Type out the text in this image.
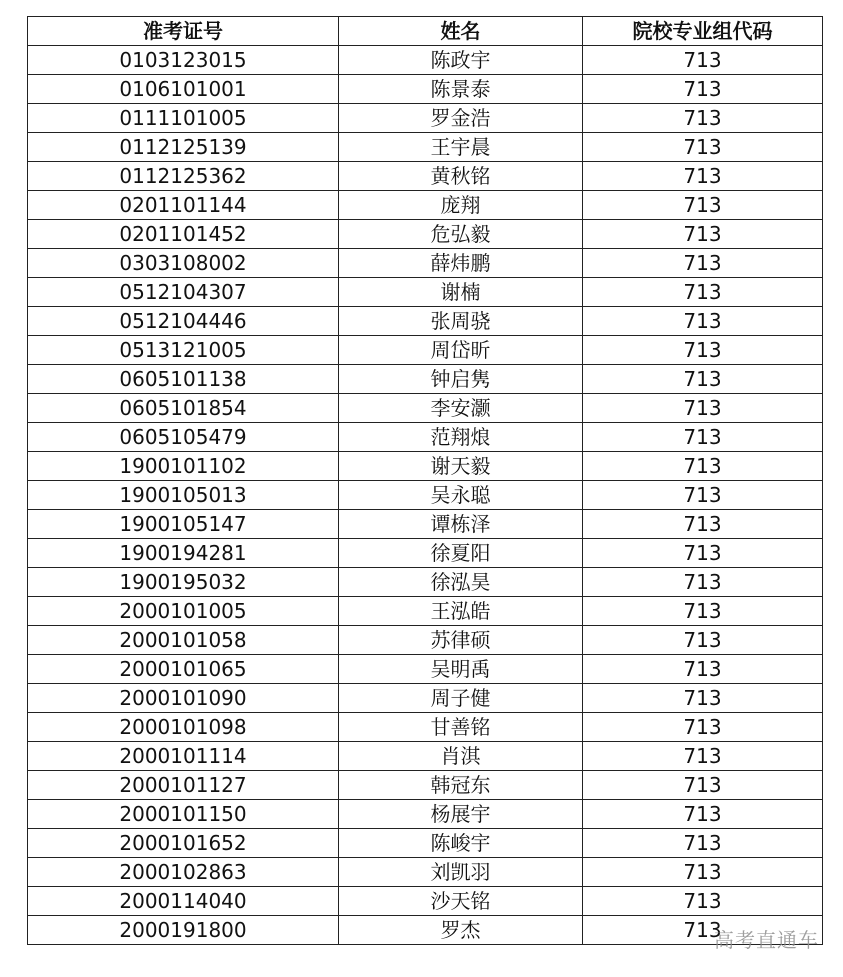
准考证号	姓名	院校专业组代码
0103123015	陈政宇	713
0106101001	陈景泰	713
0111101005	罗金浩	713
0112125139	王宇晨	713
0112125362	黄秋铭	713
0201101144	庞翔	713
0201101452	危弘毅	713
0303108002	薛炜鹏	713
0512104307	谢楠	713
0512104446	张周骁	713
0513121005	周岱昕	713
0605101138	钟启隽	713
0605101854	李安灏	713
0605105479	范翔烺	713
1900101102	谢天毅	713
1900105013	吴永聪	713
1900105147	谭栋泽	713
1900194281	徐夏阳	713
1900195032	徐泓昊	713
2000101005	王泓皓	713
2000101058	苏律硕	713
2000101065	吴明禹	713
2000101090	周子健	713
2000101098	甘善铭	713
2000101114	肖淇	713
2000101127	韩冠东	713
2000101150	杨展宇	713
2000101652	陈峻宇	713
2000102863	刘凯羽	713
2000114040	沙天铭	713
2000191800	罗杰	713
高考直通车
